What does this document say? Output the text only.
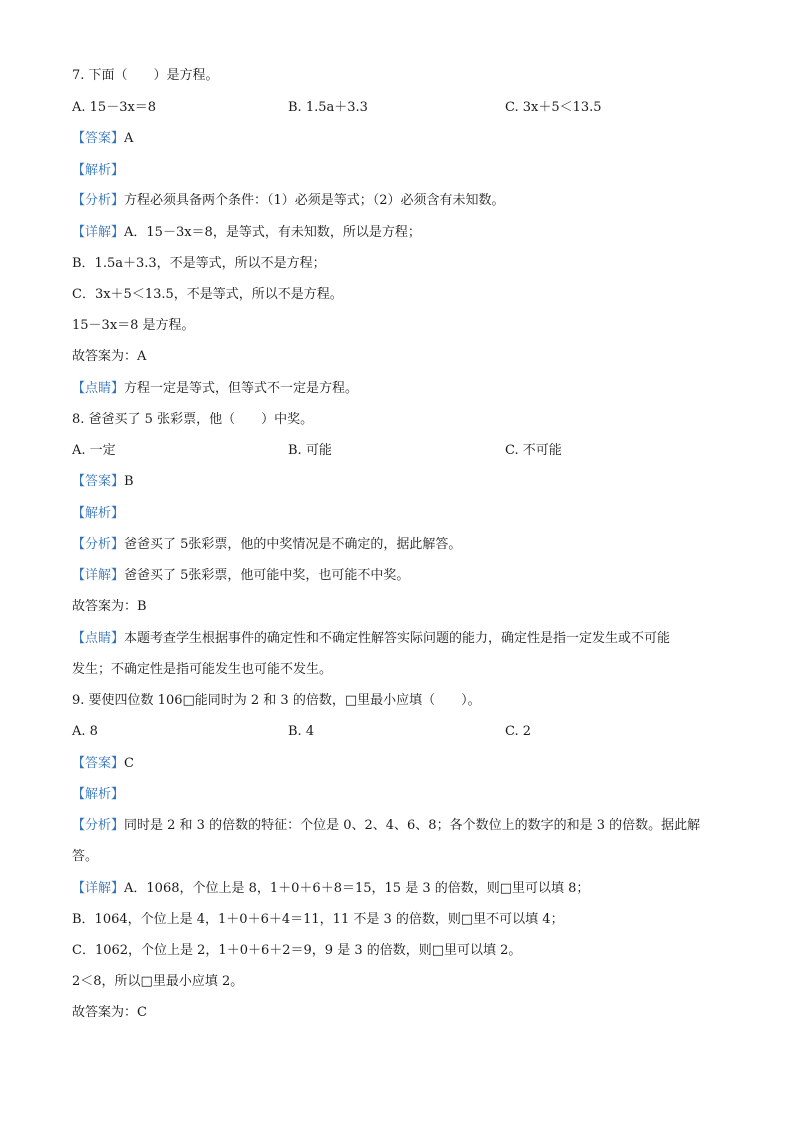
7. 下面（　　）是方程。
A. 15－3x＝8	B. 1.5a＋3.3	C. 3x＋5＜13.5
【答案】A
【解析】
【分析】方程必须具备两个条件：（1）必须是等式；（2）必须含有未知数。
【详解】A．15－3x＝8，是等式，有未知数，所以是方程；
B．1.5a＋3.3，不是等式，所以不是方程；
C．3x＋5＜13.5，不是等式，所以不是方程。
15－3x＝8 是方程。
故答案为：A
【点睛】方程一定是等式，但等式不一定是方程。
8. 爸爸买了 5 张彩票，他（　　）中奖。
A. 一定	B. 可能	C. 不可能
【答案】B
【解析】
【分析】爸爸买了 5张彩票，他的中奖情况是不确定的，据此解答。
【详解】爸爸买了 5张彩票，他可能中奖，也可能不中奖。
故答案为：B
【点睛】本题考查学生根据事件的确定性和不确定性解答实际问题的能力，确定性是指一定发生或不可能
发生；不确定性是指可能发生也可能不发生。
9. 要使四位数 106□能同时为 2 和 3 的倍数，□里最小应填（　　）。
A. 8	B. 4	C. 2
【答案】C
【解析】
【分析】同时是 2 和 3 的倍数的特征：个位是 0、2、4、6、8；各个数位上的数字的和是 3 的倍数。据此解
答。
【详解】A．1068，个位上是 8，1＋0＋6＋8＝15，15 是 3 的倍数，则□里可以填 8；
B．1064，个位上是 4，1＋0＋6＋4＝11，11 不是 3 的倍数，则□里不可以填 4；
C．1062，个位上是 2，1＋0＋6＋2＝9，9 是 3 的倍数，则□里可以填 2。
2＜8，所以□里最小应填 2。
故答案为：C
